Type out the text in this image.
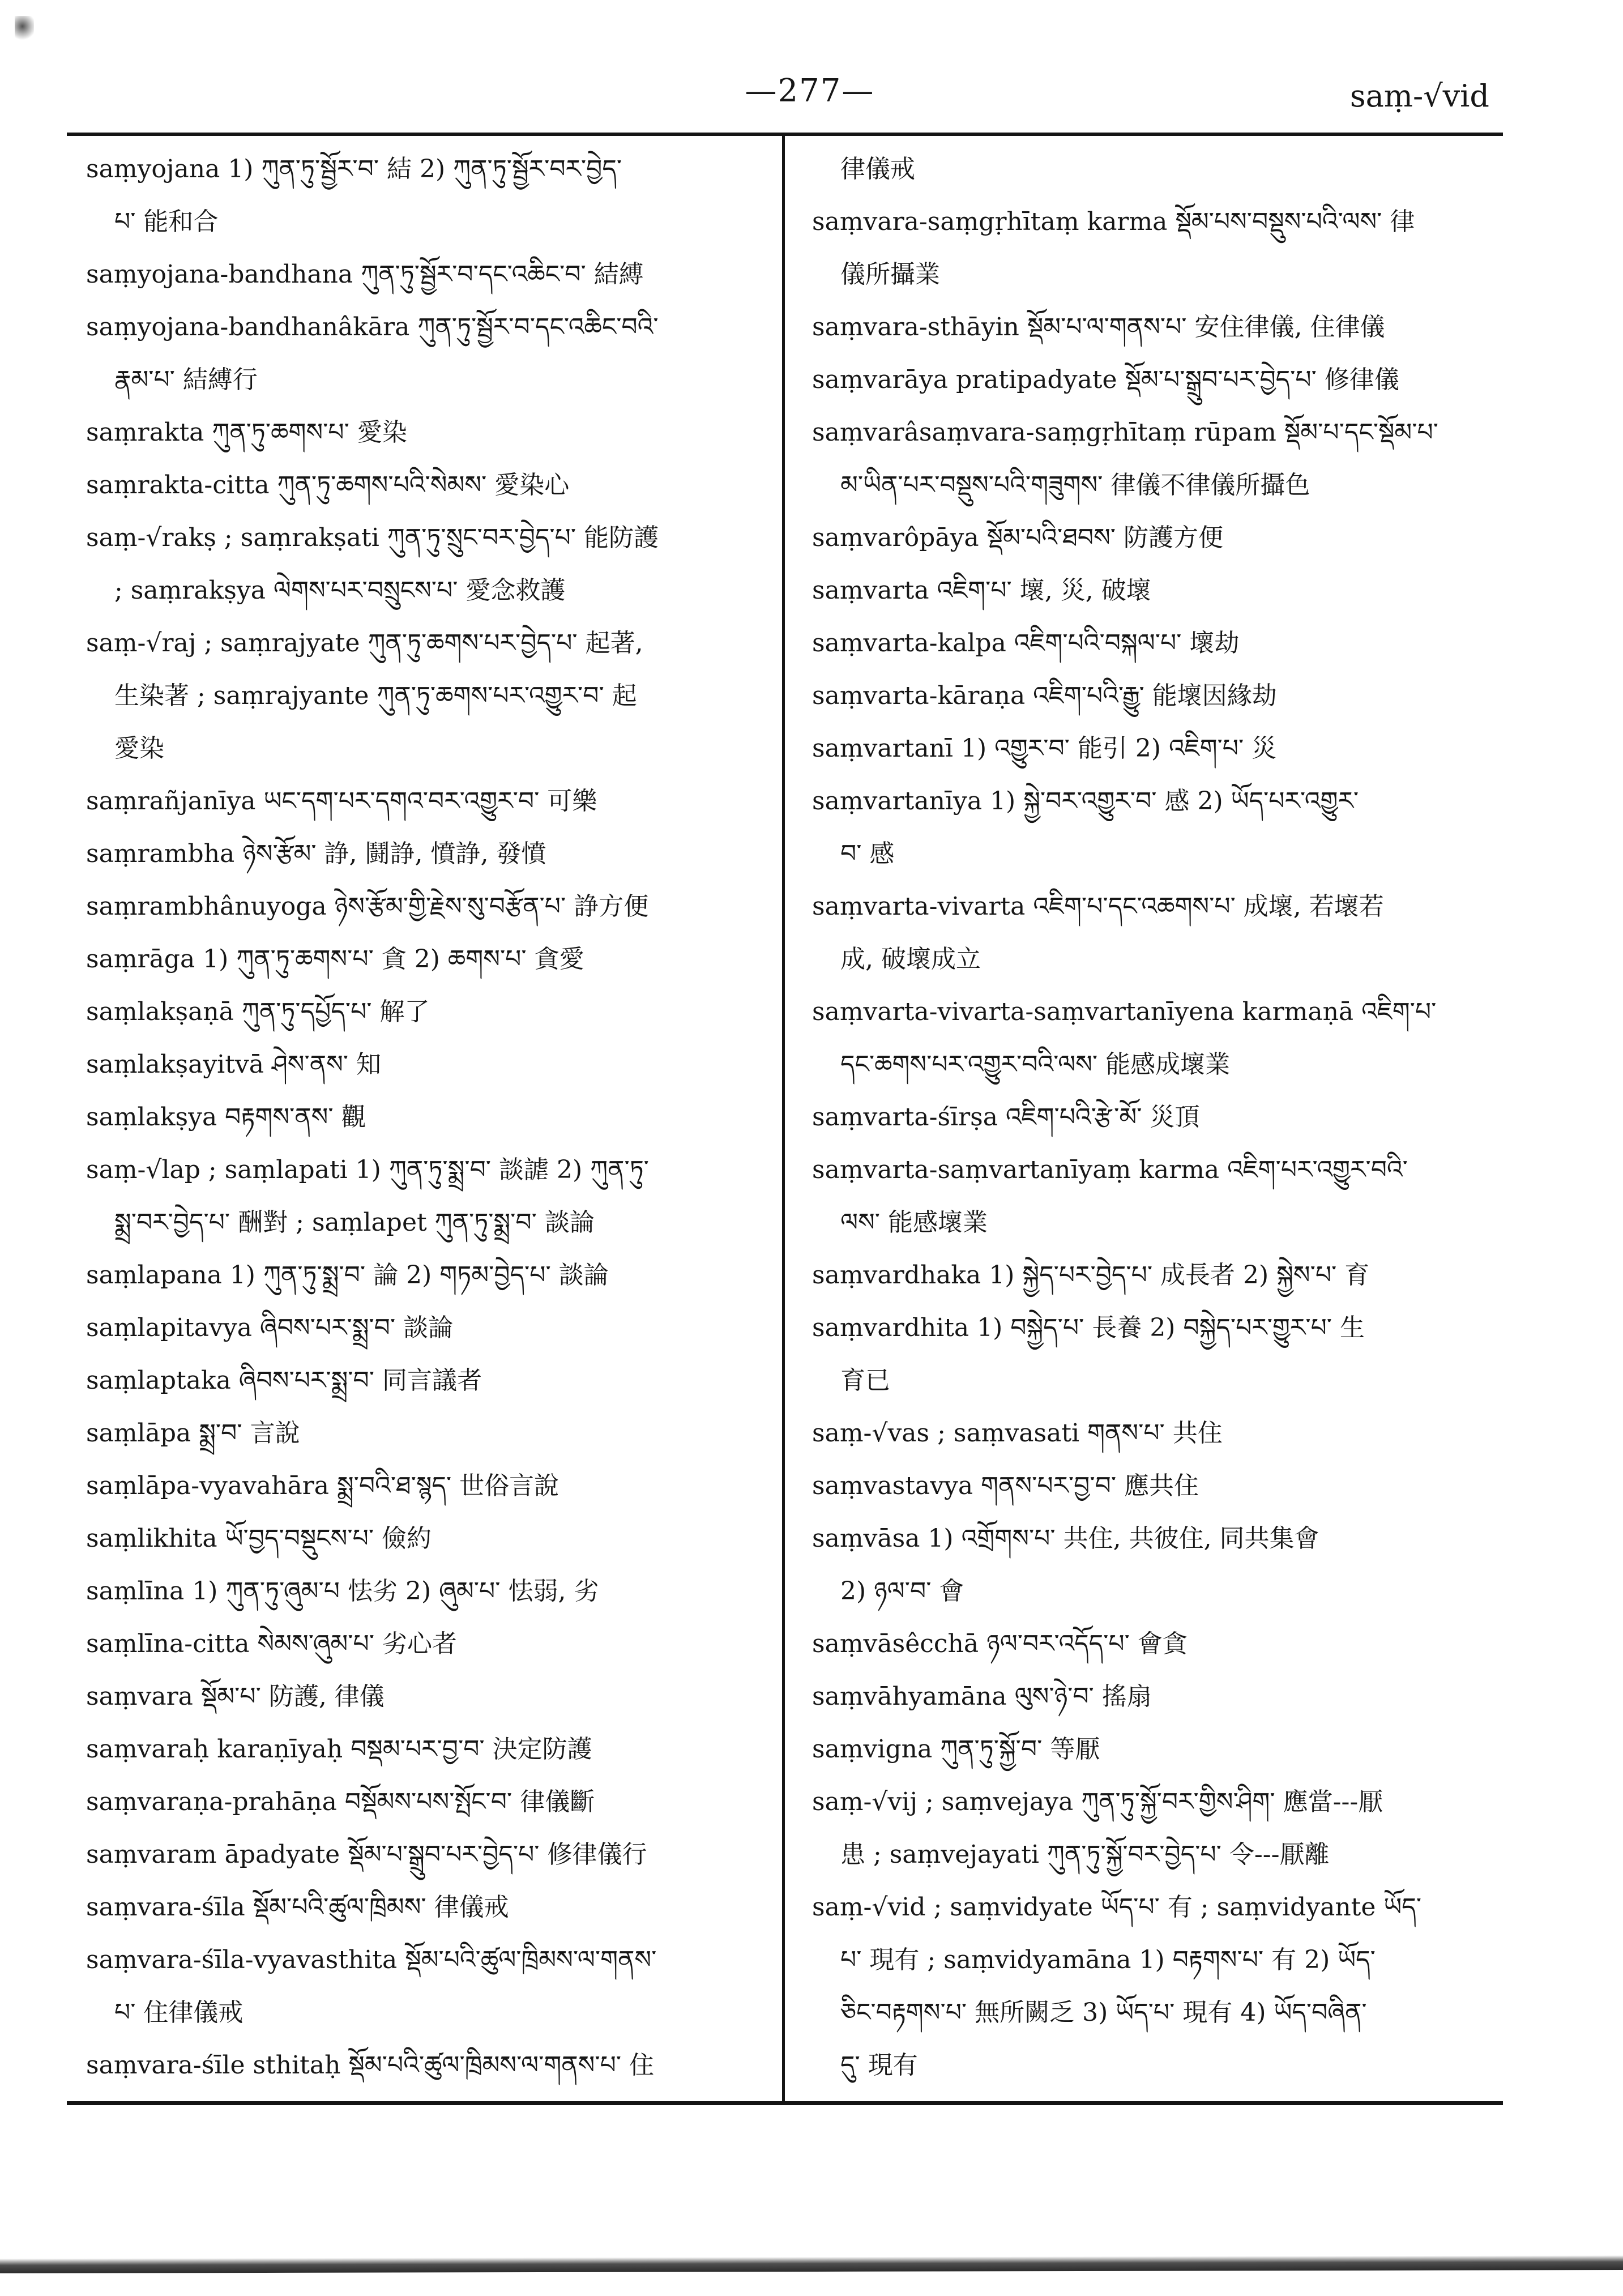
—277—	saṃ-√vid
saṃyojana 1) ཀུན་ཏུ་སྦྱོར་བ་ 結 2) ཀུན་ཏུ་སྦྱོར་བར་བྱེད་
པ་ 能和合
saṃyojana-bandhana ཀུན་ཏུ་སྦྱོར་བ་དང་འཆིང་བ་ 結縛
saṃyojana-bandhanâkāra ཀུན་ཏུ་སྦྱོར་བ་དང་འཆིང་བའི་
རྣམ་པ་ 結縛行
saṃrakta ཀུན་ཏུ་ཆགས་པ་ 愛染
saṃrakta-citta ཀུན་ཏུ་ཆགས་པའི་སེམས་ 愛染心
saṃ-√rakṣ ; saṃrakṣati ཀུན་ཏུ་སྲུང་བར་བྱེད་པ་ 能防護
; saṃrakṣya ལེགས་པར་བསྲུངས་པ་ 愛念救護
saṃ-√raj ; saṃrajyate ཀུན་ཏུ་ཆགས་པར་བྱེད་པ་ 起著,
生染著 ; saṃrajyante ཀུན་ཏུ་ཆགས་པར་འགྱུར་བ་ 起
愛染
saṃrañjanīya ཡང་དག་པར་དགའ་བར་འགྱུར་བ་ 可樂
saṃrambha ཉེས་རྩོམ་ 諍, 鬪諍, 憤諍, 發憤
saṃrambhânuyoga ཉེས་རྩོམ་གྱི་རྗེས་སུ་བརྩོན་པ་ 諍方便
saṃrāga 1) ཀུན་ཏུ་ཆགས་པ་ 貪 2) ཆགས་པ་ 貪愛
saṃlakṣaṇā ཀུན་ཏུ་དཔྱོད་པ་ 解了
saṃlakṣayitvā ཤེས་ནས་ 知
saṃlakṣya བརྟགས་ནས་ 觀
saṃ-√lap ; saṃlapati 1) ཀུན་ཏུ་སྨྲ་བ་ 談謔 2) ཀུན་ཏུ་
སྨྲ་བར་བྱེད་པ་ 酬對 ; saṃlapet ཀུན་ཏུ་སྨྲ་བ་ 談論
saṃlapana 1) ཀུན་ཏུ་སྨྲ་བ་ 論 2) གཏམ་བྱེད་པ་ 談論
saṃlapitavya ཞིབས་པར་སྨྲ་བ་ 談論
saṃlaptaka ཞིབས་པར་སྨྲ་བ་ 同言議者
saṃlāpa སྨྲ་བ་ 言說
saṃlāpa-vyavahāra སྨྲ་བའི་ཐ་སྙད་ 世俗言說
saṃlikhita ཡོ་བྱད་བསྡུངས་པ་ 儉約
saṃlīna 1) ཀུན་ཏུ་ཞུམ་པ 怯劣 2) ཞུམ་པ་ 怯弱, 劣
saṃlīna-citta སེམས་ཞུམ་པ་ 劣心者
saṃvara སྡོམ་པ་ 防護, 律儀
saṃvaraḥ karaṇīyaḥ བསྡམ་པར་བྱ་བ་ 決定防護
saṃvaraṇa-prahāṇa བསྡོམས་པས་སྤོང་བ་ 律儀斷
saṃvaram āpadyate སྡོམ་པ་སྒྲུབ་པར་བྱེད་པ་ 修律儀行
saṃvara-śīla སྡོམ་པའི་ཚུལ་ཁྲིམས་ 律儀戒
saṃvara-śīla-vyavasthita སྡོམ་པའི་ཚུལ་ཁྲིམས་ལ་གནས་
པ་ 住律儀戒
saṃvara-śīle sthitaḥ སྡོམ་པའི་ཚུལ་ཁྲིམས་ལ་གནས་པ་ 住
律儀戒
saṃvara-saṃgṛhītaṃ karma སྡོམ་པས་བསྡུས་པའི་ལས་ 律
儀所攝業
saṃvara-sthāyin སྡོམ་པ་ལ་གནས་པ་ 安住律儀, 住律儀
saṃvarāya pratipadyate སྡོམ་པ་སྒྲུབ་པར་བྱེད་པ་ 修律儀
saṃvarâsaṃvara-saṃgṛhītaṃ rūpam སྡོམ་པ་དང་སྡོམ་པ་
མ་ཡིན་པར་བསྡུས་པའི་གཟུགས་ 律儀不律儀所攝色
saṃvarôpāya སྡོམ་པའི་ཐབས་ 防護方便
saṃvarta འཇིག་པ་ 壞, 災, 破壞
saṃvarta-kalpa འཇིག་པའི་བསྐལ་པ་ 壞劫
saṃvarta-kāraṇa འཇིག་པའི་རྒྱུ་ 能壞因緣劫
saṃvartanī 1) འགྱུར་བ་ 能引 2) འཇིག་པ་ 災
saṃvartanīya 1) སྐྱེ་བར་འགྱུར་བ་ 感 2) ཡོད་པར་འགྱུར་
བ་ 感
saṃvarta-vivarta འཇིག་པ་དང་འཆགས་པ་ 成壞, 若壞若
成, 破壞成立
saṃvarta-vivarta-saṃvartanīyena karmaṇā འཇིག་པ་
དང་ཆགས་པར་འགྱུར་བའི་ལས་ 能感成壞業
saṃvarta-śīrṣa འཇིག་པའི་རྩེ་མོ་ 災頂
saṃvarta-saṃvartanīyaṃ karma འཇིག་པར་འགྱུར་བའི་
ལས་ 能感壞業
saṃvardhaka 1) སྐྱེད་པར་བྱེད་པ་ 成長者 2) སྐྱེས་པ་ 育
saṃvardhita 1) བསྐྱེད་པ་ 長養 2) བསྐྱེད་པར་གྱུར་པ་ 生
育已
saṃ-√vas ; saṃvasati གནས་པ་ 共住
saṃvastavya གནས་པར་བྱ་བ་ 應共住
saṃvāsa 1) འགྲོགས་པ་ 共住, 共彼住, 同共集會
2) ཉལ་བ་ 會
saṃvāsêcchā ཉལ་བར་འདོད་པ་ 會貪
saṃvāhyamāna ལུས་ཉེ་བ་ 搖扇
saṃvigna ཀུན་ཏུ་སྐྱོ་བ་ 等厭
saṃ-√vij ; saṃvejaya ཀུན་ཏུ་སྐྱོ་བར་གྱིས་ཤིག་ 應當---厭
患 ; saṃvejayati ཀུན་ཏུ་སྐྱོ་བར་བྱེད་པ་ 令---厭離
saṃ-√vid ; saṃvidyate ཡོད་པ་ 有 ; saṃvidyante ཡོད་
པ་ 現有 ; saṃvidyamāna 1) བརྟགས་པ་ 有 2) ཡོད་
ཅིང་བརྟགས་པ་ 無所闕乏 3) ཡོད་པ་ 現有 4) ཡོད་བཞིན་
དུ་ 現有
